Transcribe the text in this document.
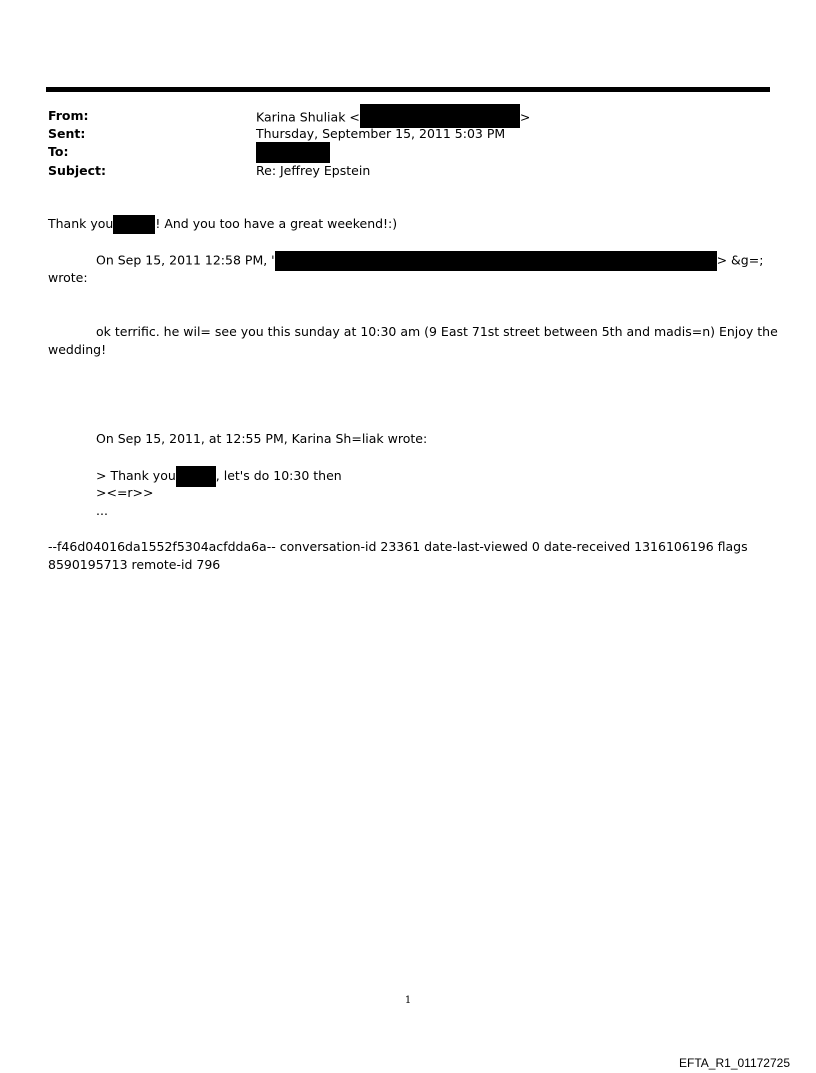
From:	Karina Shuliak <	>
Sent:	Thursday, September 15, 2011 5:03 PM
To:
Subject:	Re: Jeffrey Epstein
Thank you	! And you too have a great weekend!:)
On Sep 15, 2011 12:58 PM, '	> &g=;
wrote:
ok terrific. he wil= see you this sunday at 10:30 am (9 East 71st street between 5th and madis=n) Enjoy the
wedding!
On Sep 15, 2011, at 12:55 PM, Karina Sh=liak wrote:
> Thank you	, let's do 10:30 then
><=r>>
...
--f46d04016da1552f5304acfdda6a-- conversation-id 23361 date-last-viewed 0 date-received 1316106196 flags
8590195713 remote-id 796
1
EFTA_R1_01172725
